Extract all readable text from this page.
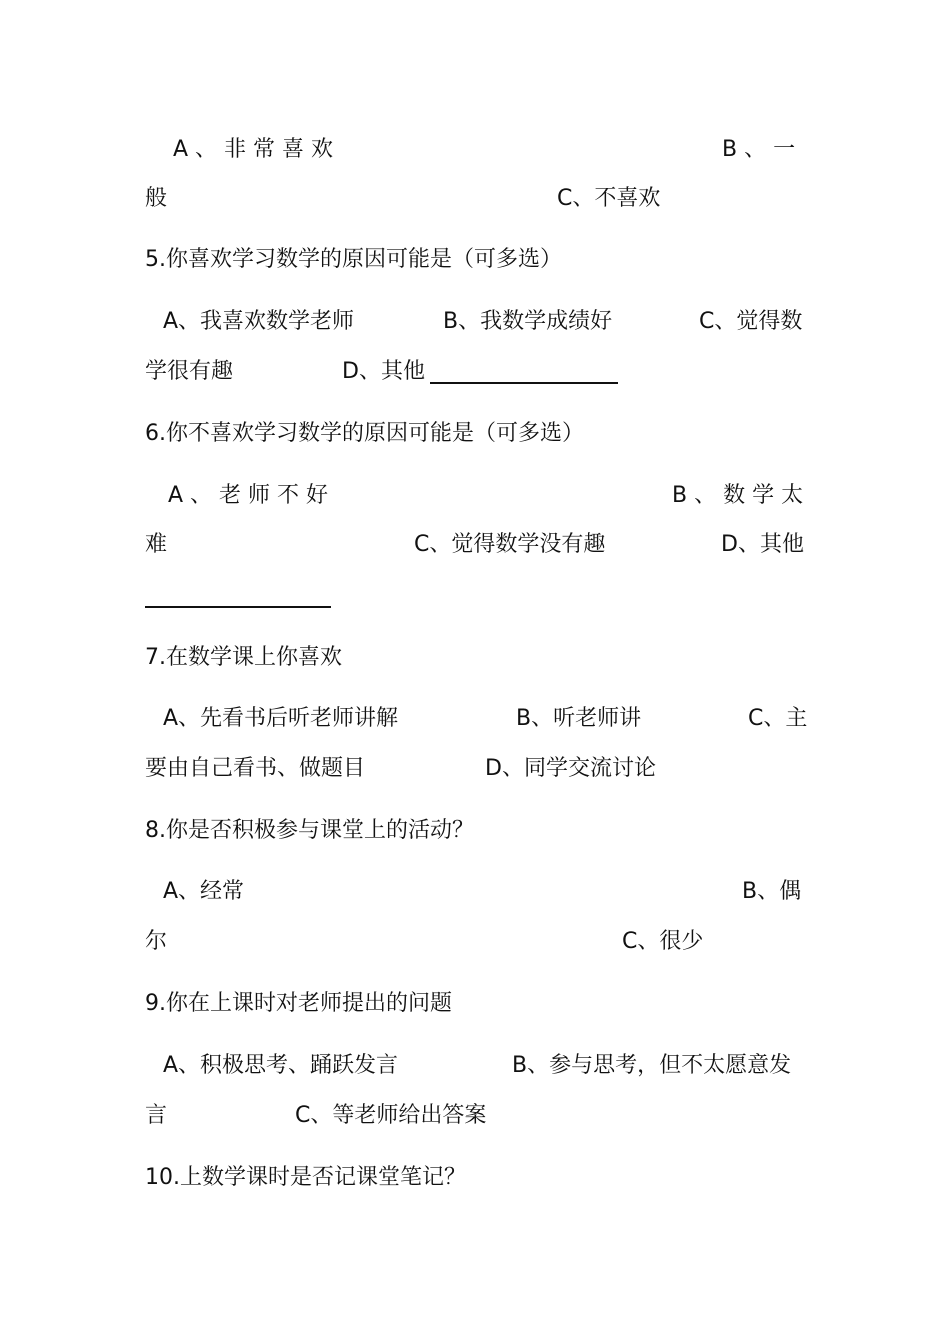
A 、 非 常 喜 欢	B 、 一
般	C、不喜欢
5.你喜欢学习数学的原因可能是（可多选）
A、我喜欢数学老师	B、我数学成绩好	C、觉得数
学很有趣	D、其他
6.你不喜欢学习数学的原因可能是（可多选）
A 、 老 师 不 好	B 、 数 学 太
难	C、觉得数学没有趣	D、其他
7.在数学课上你喜欢
A、先看书后听老师讲解	B、听老师讲	C、主
要由自己看书、做题目	D、同学交流讨论
8.你是否积极参与课堂上的活动？
A、经常	B、偶
尔	C、很少
9.你在上课时对老师提出的问题
A、积极思考、踊跃发言	B、参与思考，但不太愿意发
言	C、等老师给出答案
10.上数学课时是否记课堂笔记？
